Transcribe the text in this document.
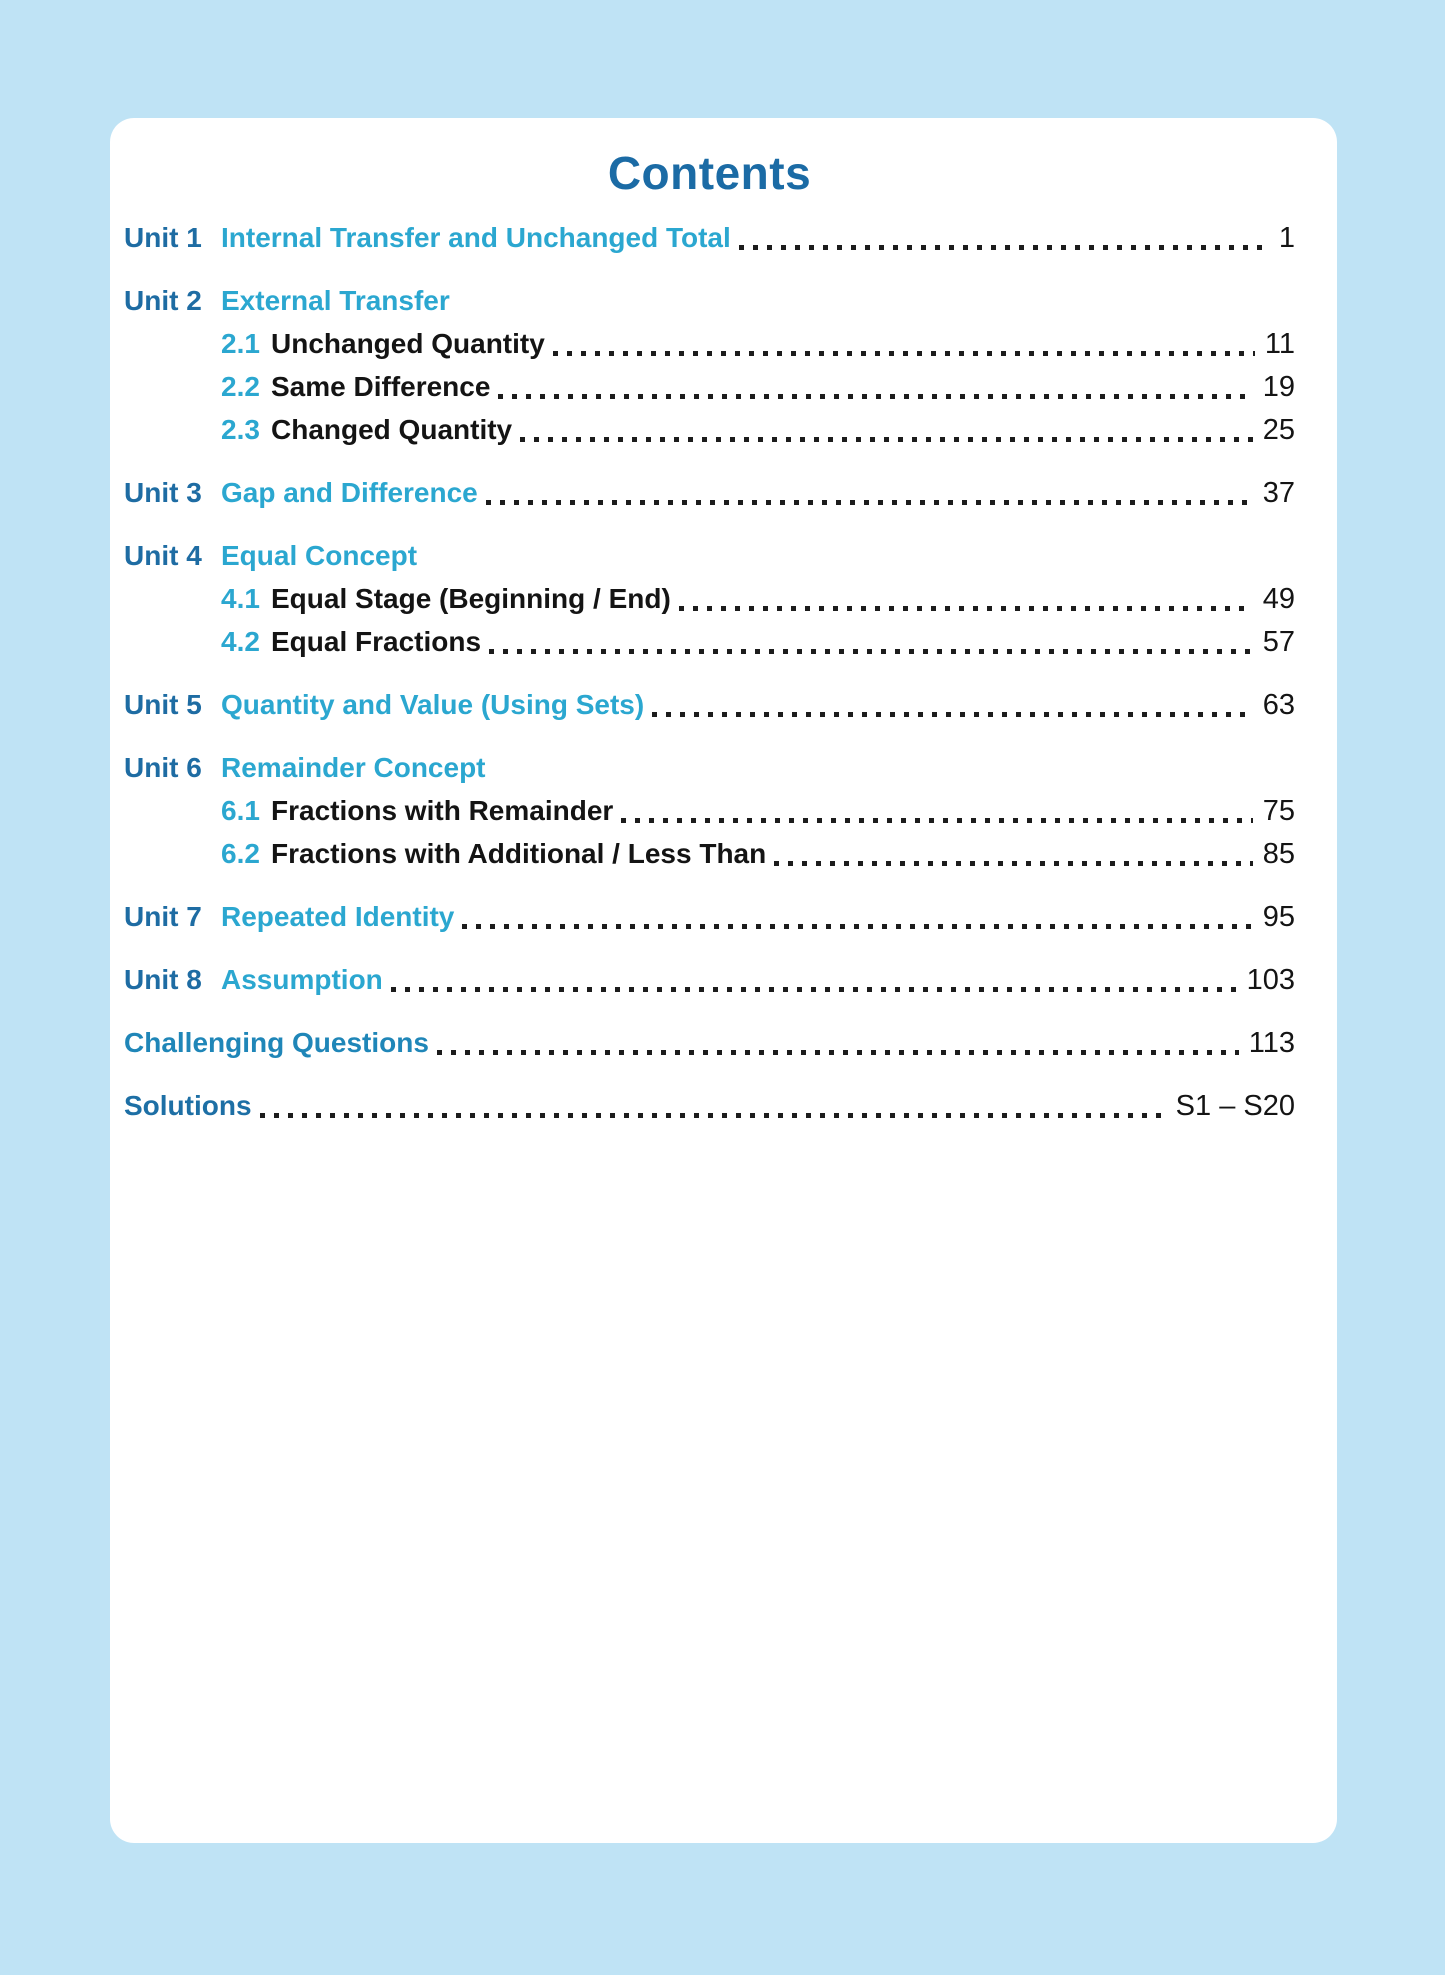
Contents
Unit 1 Internal Transfer and Unchanged Total	1
Unit 2 External Transfer
2.1 Unchanged Quantity	11
2.2 Same Difference	19
2.3 Changed Quantity	25
Unit 3 Gap and Difference	37
Unit 4 Equal Concept
4.1 Equal Stage (Beginning / End)	49
4.2 Equal Fractions	57
Unit 5 Quantity and Value (Using Sets)	63
Unit 6 Remainder Concept
6.1 Fractions with Remainder	75
6.2 Fractions with Additional / Less Than	85
Unit 7 Repeated Identity	95
Unit 8 Assumption	103
Challenging Questions	113
Solutions	S1 – S20
